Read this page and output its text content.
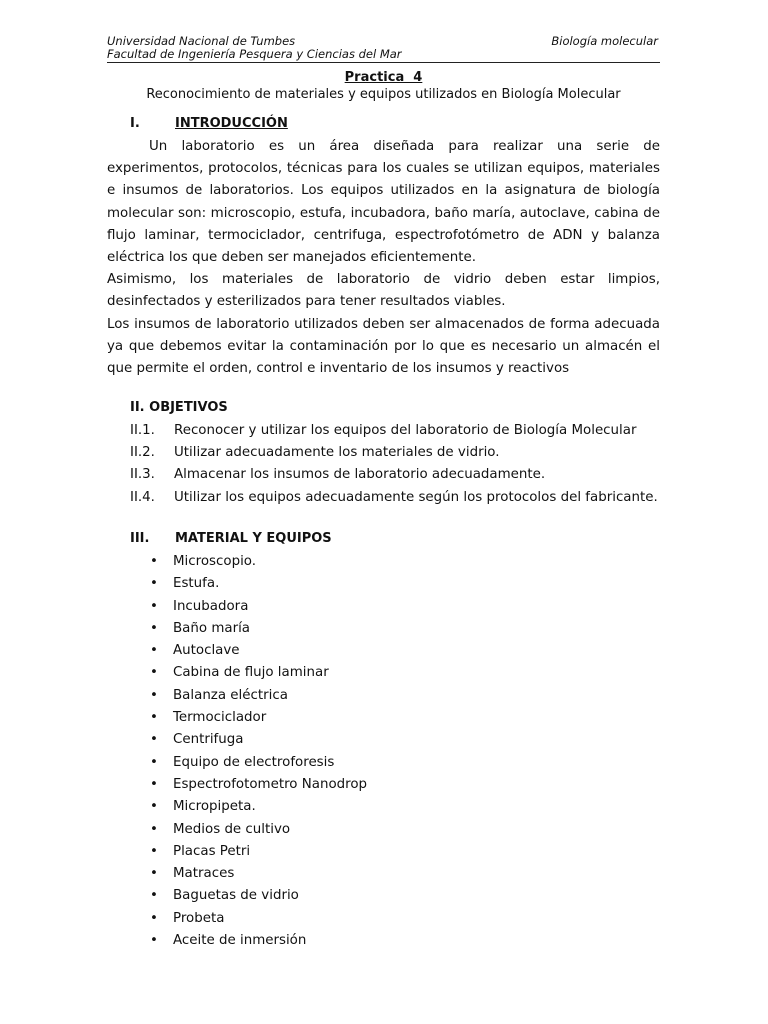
Universidad Nacional de Tumbes
Facultad de Ingeniería Pesquera y Ciencias del Mar
Biología molecular
Practica  4
Reconocimiento de materiales y equipos utilizados en Biología Molecular
I.	INTRODUCCIÓN

Un laboratorio es un área diseñada para realizar una serie de experimentos, protocolos, técnicas para los cuales se utilizan equipos, materiales e insumos de laboratorios. Los equipos utilizados en la asignatura de biología molecular son: microscopio, estufa, incubadora, baño maría, autoclave, cabina de flujo laminar, termociclador, centrifuga, espectrofotómetro de ADN y balanza eléctrica los que deben ser manejados eficientemente.

Asimismo, los materiales de laboratorio de vidrio deben estar limpios, desinfectados y esterilizados para tener resultados viables.

Los insumos de laboratorio utilizados deben ser almacenados de forma adecuada ya que debemos evitar la contaminación por lo que es necesario un almacén el que permite el orden, control e inventario de los insumos y reactivos

II. OBJETIVOS
II.1. Reconocer y utilizar los equipos del laboratorio de Biología Molecular
II.2. Utilizar adecuadamente los materiales de vidrio.
II.3. Almacenar los insumos de laboratorio adecuadamente.
II.4. Utilizar los equipos adecuadamente según los protocolos del fabricante.
III. MATERIAL Y EQUIPOS
• Microscopio.
• Estufa.
• Incubadora
• Baño maría
• Autoclave
• Cabina de flujo laminar
• Balanza eléctrica
• Termociclador
• Centrifuga
• Equipo de electroforesis
• Espectrofotometro Nanodrop
• Micropipeta.
• Medios de cultivo
• Placas Petri
• Matraces
• Baguetas de vidrio
• Probeta
• Aceite de inmersión
